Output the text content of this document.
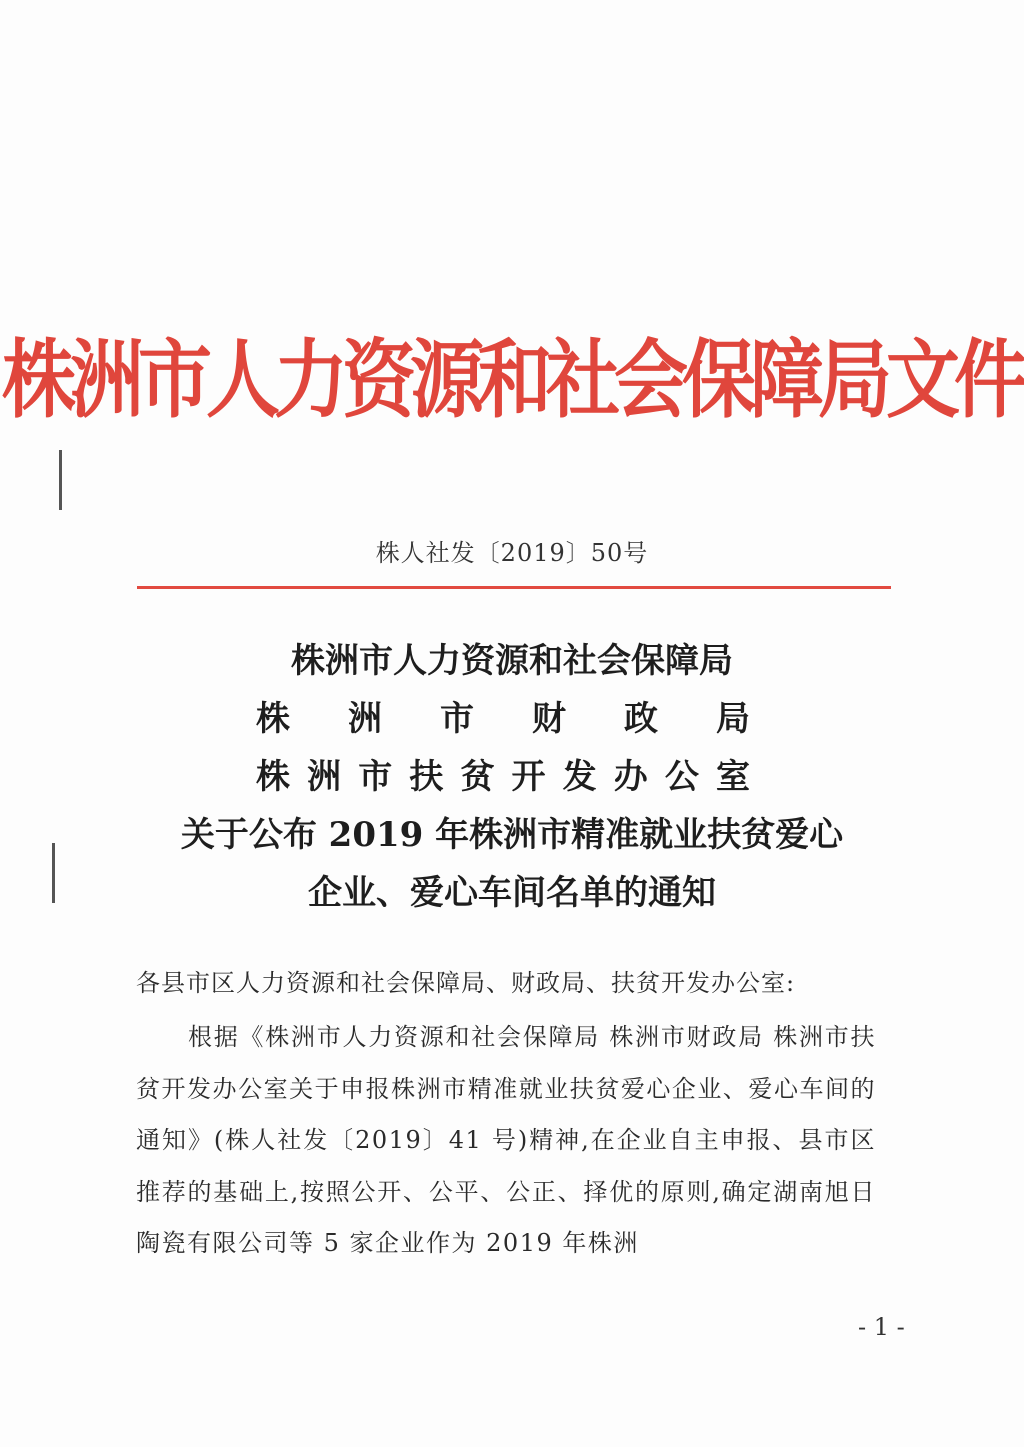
株洲市人力资源和社会保障局文件
株人社发〔2019〕50号
株洲市人力资源和社会保障局
株 洲 市 财 政 局
株 洲 市 扶 贫 开 发 办 公 室
关于公布 2019 年株洲市精准就业扶贫爱心
企业、爱心车间名单的通知
各县市区人力资源和社会保障局、财政局、扶贫开发办公室:
根据《株洲市人力资源和社会保障局 株洲市财政局 株洲市扶贫开发办公室关于申报株洲市精准就业扶贫爱心企业、爱心车间的通知》(株人社发〔2019〕41 号)精神,在企业自主申报、县市区推荐的基础上,按照公开、公平、公正、择优的原则,确定湖南旭日陶瓷有限公司等 5 家企业作为 2019 年株洲
- 1 -
